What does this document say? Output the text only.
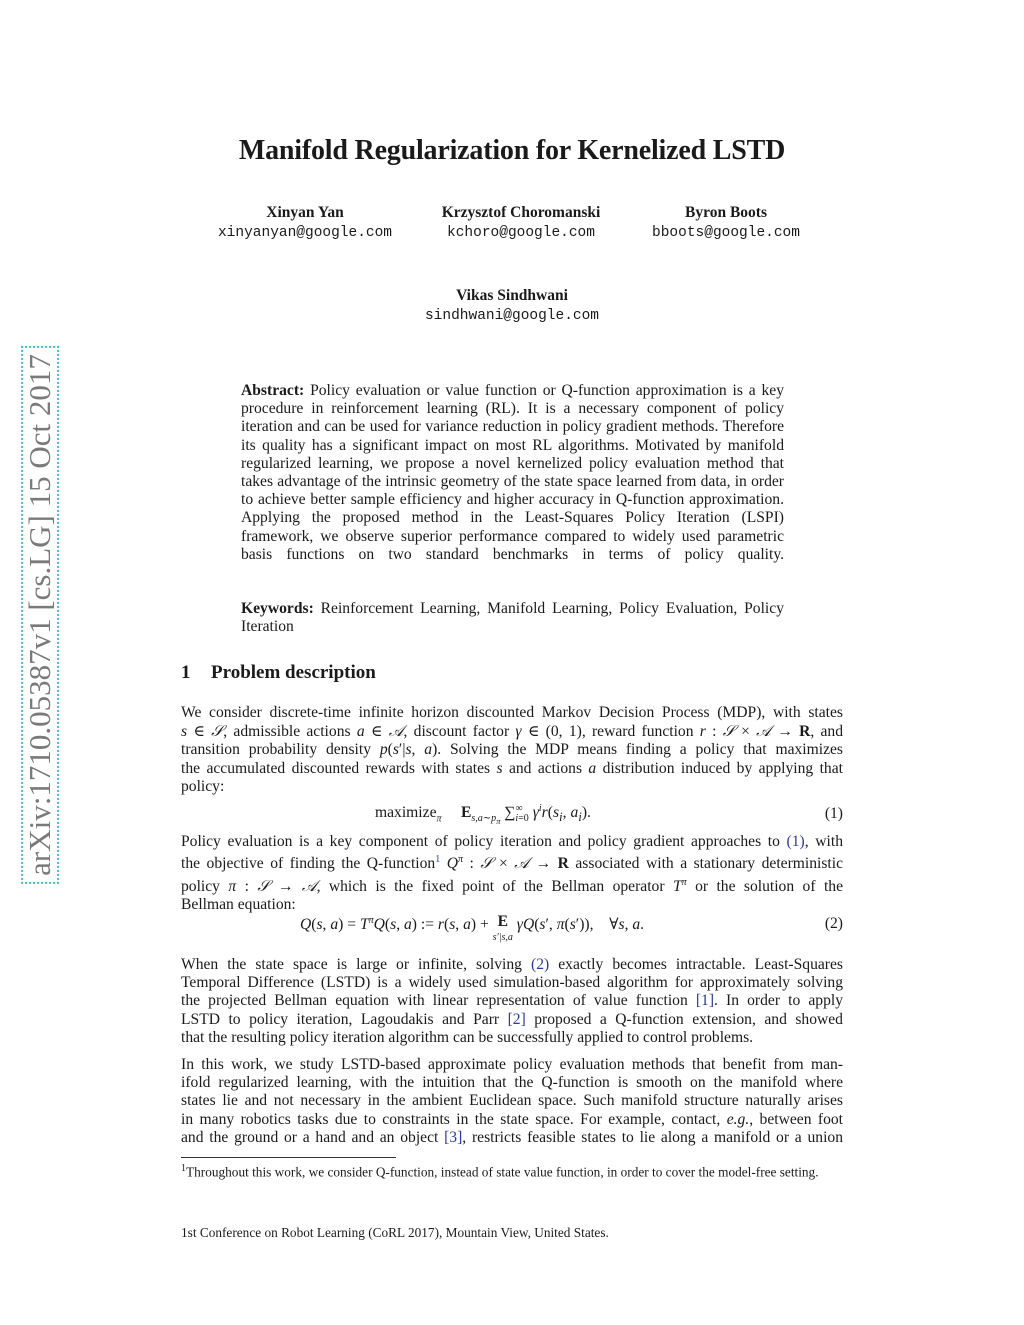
arXiv:1710.05387v1 [cs.LG] 15 Oct 2017
Manifold Regularization for Kernelized LSTD
Xinyan Yan
xinyanyan@google.com
Krzysztof Choromanski
kchoro@google.com
Byron Boots
bboots@google.com
Vikas Sindhwani
sindhwani@google.com
Abstract: Policy evaluation or value function or Q-function approximation is a key procedure in reinforcement learning (RL). It is a necessary component of policy iteration and can be used for variance reduction in policy gradient methods. Therefore its quality has a significant impact on most RL algorithms. Motivated by manifold regularized learning, we propose a novel kernelized policy evaluation method that takes advantage of the intrinsic geometry of the state space learned from data, in order to achieve better sample efficiency and higher accuracy in Q-function approximation. Applying the proposed method in the Least-Squares Policy Iteration (LSPI) framework, we observe superior performance compared to widely used parametric basis functions on two standard benchmarks in terms of policy quality.
Keywords: Reinforcement Learning, Manifold Learning, Policy Evaluation, Policy Iteration
1 Problem description
We consider discrete-time infinite horizon discounted Markov Decision Process (MDP), with states
s ∈ 𝒮, admissible actions a ∈ 𝒜, discount factor γ ∈ (0, 1), reward function r : 𝒮 × 𝒜 → R, and
transition probability density p(s′|s, a). Solving the MDP means finding a policy that maximizes
the accumulated discounted rewards with states s and actions a distribution induced by applying that
policy:
maximize$_\pi$ $E_{s,a\sim p_\pi}$ ∑ ∞
i=0 $\gamma^ir(s_i$, $a_i$).	(1)
Policy evaluation is a key component of policy iteration and policy gradient approaches to (1), with
the objective of finding the Q-function$^1$ $Q^\pi$ : 𝒮 × 𝒜 → R associated with a stationary deterministic
policy π : 𝒮 → 𝒜, which is the fixed point of the Bellman operator $T^\pi$ or the solution of the
Bellman equation:
Q(s, $a) = T^\pi Q(s$, a) := r(s, a) + E
s′|s,a γQ(s′, π(s′)),    ∀s, a.	(2)
When the state space is large or infinite, solving (2) exactly becomes intractable. Least-Squares
Temporal Difference (LSTD) is a widely used simulation-based algorithm for approximately solving
the projected Bellman equation with linear representation of value function [1]. In order to apply
LSTD to policy iteration, Lagoudakis and Parr [2] proposed a Q-function extension, and showed
that the resulting policy iteration algorithm can be successfully applied to control problems.
In this work, we study LSTD-based approximate policy evaluation methods that benefit from man-
ifold regularized learning, with the intuition that the Q-function is smooth on the manifold where
states lie and not necessary in the ambient Euclidean space. Such manifold structure naturally arises
in many robotics tasks due to constraints in the state space. For example, contact, e.g., between foot
and the ground or a hand and an object [3], restricts feasible states to lie along a manifold or a union
$^1$Throughout this work, we consider Q-function, instead of state value function, in order to cover the model-free setting.
1st Conference on Robot Learning (CoRL 2017), Mountain View, United States.
